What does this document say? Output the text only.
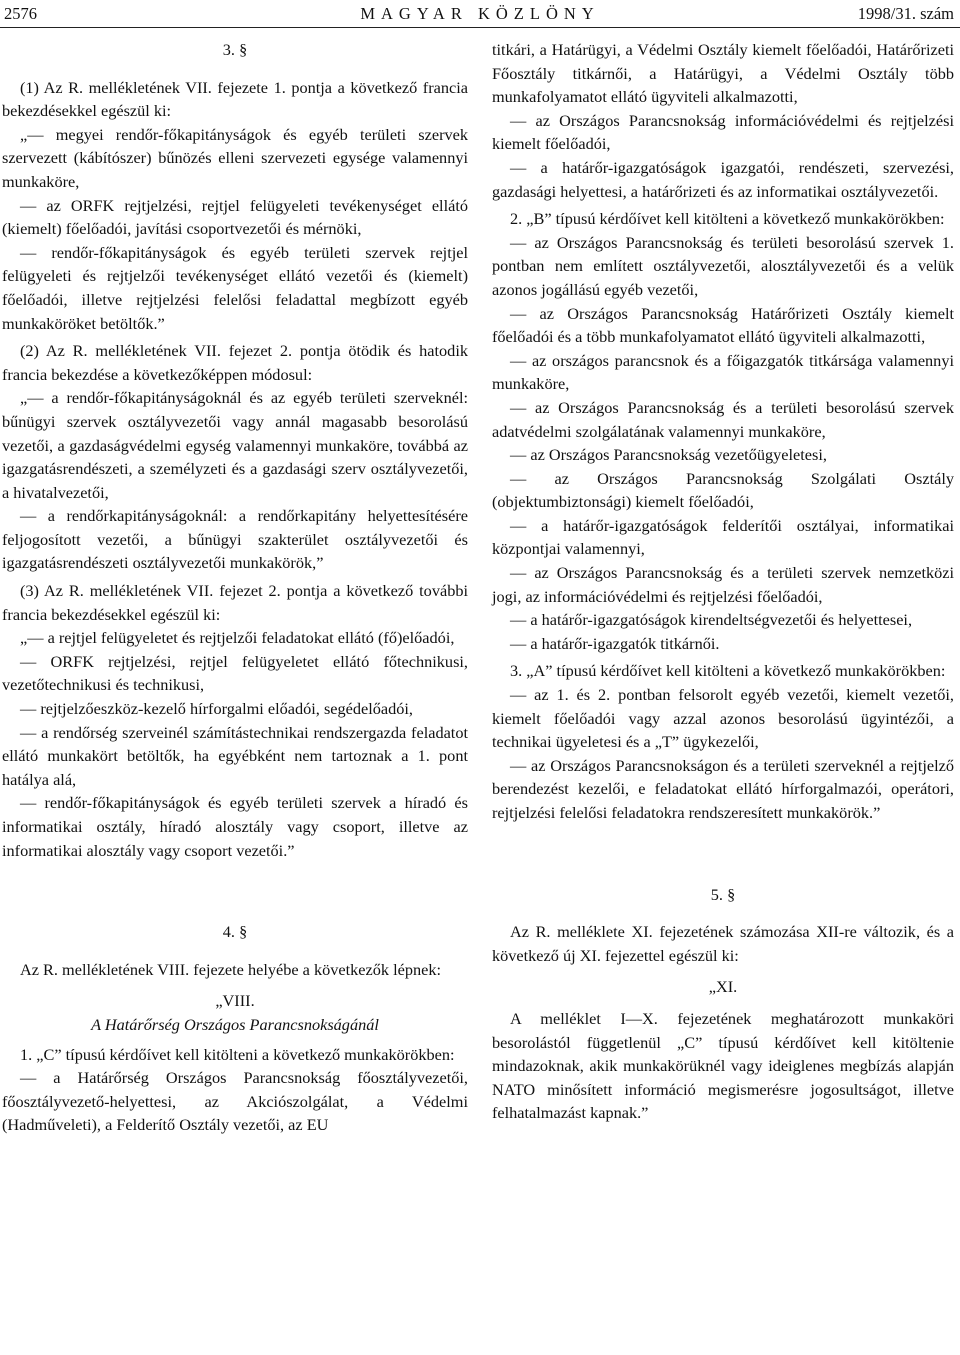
2576	MAGYAR KÖZLÖNY	1998/31. szám

3. §

(1) Az R. mellékletének VII. fejezete 1. pontja a következő francia bekezdésekkel egészül ki:

„— megyei rendőr-főkapitányságok és egyéb területi szervek szervezett (kábítószer) bűnözés elleni szervezeti egysége valamennyi munkaköre,

— az ORFK rejtjelzési, rejtjel felügyeleti tevékenységet ellátó (kiemelt) főelőadói, javítási csoportvezetői és mérnöki,

— rendőr-főkapitányságok és egyéb területi szervek rejtjel felügyeleti és rejtjelzői tevékenységet ellátó vezetői és (kiemelt) főelőadói, illetve rejtjelzési felelősi feladattal megbízott egyéb munkaköröket betöltők.”

(2) Az R. mellékletének VII. fejezet 2. pontja ötödik és hatodik francia bekezdése a következőképpen módosul:

„— a rendőr-főkapitányságoknál és az egyéb területi szerveknél: bűnügyi szervek osztályvezetői vagy annál magasabb besorolású vezetői, a gazdaságvédelmi egység valamennyi munkaköre, továbbá az igazgatásrendészeti, a személyzeti és a gazdasági szerv osztályvezetői, a hivatalvezetői,

— a rendőrkapitányságoknál: a rendőrkapitány helyettesítésére feljogosított vezetői, a bűnügyi szakterület osztályvezetői és igazgatásrendészeti osztályvezetői munkakörök,”

(3) Az R. mellékletének VII. fejezet 2. pontja a következő további francia bekezdésekkel egészül ki:

„— a rejtjel felügyeletet és rejtjelzői feladatokat ellátó (fő)előadói,

— ORFK rejtjelzési, rejtjel felügyeletet ellátó főtechnikusi, vezetőtechnikusi és technikusi,

— rejtjelzőeszköz-kezelő hírforgalmi előadói, segédelőadói,

— a rendőrség szerveinél számítástechnikai rendszergazda feladatot ellátó munkakört betöltők, ha egyébként nem tartoznak a 1. pont hatálya alá,

— rendőr-főkapitányságok és egyéb területi szervek a híradó és informatikai osztály, híradó alosztály vagy csoport, illetve az informatikai alosztály vagy csoport vezetői.”

4. §

Az R. mellékletének VIII. fejezete helyébe a következők lépnek:

„VIII.

A Határőrség Országos Parancsnokságánál

1. „C” típusú kérdőívet kell kitölteni a következő munkakörökben:

— a Határőrség Országos Parancsnokság főosztályvezetői, főosztályvezető-helyettesi, az Akciószolgálat, a Védelmi (Hadműveleti), a Felderítő Osztály vezetői, az EU

titkári, a Határügyi, a Védelmi Osztály kiemelt főelőadói, Határőrizeti Főosztály titkárnői, a Határügyi, a Védelmi Osztály több munkafolyamatot ellátó ügyviteli alkalmazotti,

— az Országos Parancsnokság információvédelmi és rejtjelzési kiemelt főelőadói,

— a határőr-igazgatóságok igazgatói, rendészeti, szervezési, gazdasági helyettesi, a határőrizeti és az informatikai osztályvezetői.

2. „B” típusú kérdőívet kell kitölteni a következő munkakörökben:

— az Országos Parancsnokság és területi besorolású szervek 1. pontban nem említett osztályvezetői, alosztályvezetői és a velük azonos jogállású egyéb vezetői,

— az Országos Parancsnokság Határőrizeti Osztály kiemelt főelőadói és a több munkafolyamatot ellátó ügyviteli alkalmazotti,

— az országos parancsnok és a főigazgatók titkársága valamennyi munkaköre,

— az Országos Parancsnokság és a területi besorolású szervek adatvédelmi szolgálatának valamennyi munkaköre,

— az Országos Parancsnokság vezetőügyeletesi,

— az Országos Parancsnokság Szolgálati Osztály (objektumbiztonsági) kiemelt főelőadói,

— a határőr-igazgatóságok felderítői osztályai, informatikai központjai valamennyi,

— az Országos Parancsnokság és a területi szervek nemzetközi jogi, az információvédelmi és rejtjelzési főelőadói,

— a határőr-igazgatóságok kirendeltségvezetői és helyettesei,

— a határőr-igazgatók titkárnői.

3. „A” típusú kérdőívet kell kitölteni a következő munkakörökben:

— az 1. és 2. pontban felsorolt egyéb vezetői, kiemelt vezetői, kiemelt főelőadói vagy azzal azonos besorolású ügyintézői, a technikai ügyeletesi és a „T” ügykezelői,

— az Országos Parancsnokságon és a területi szerveknél a rejtjelző berendezést kezelői, e feladatokat ellátó hírforgalmazói, operátori, rejtjelzési felelősi feladatokra rendszeresített munkakörök.”

5. §

Az R. melléklete XI. fejezetének számozása XII-re változik, és a következő új XI. fejezettel egészül ki:

„XI.

A melléklet I—X. fejezetének meghatározott munkaköri besorolástól függetlenül „C” típusú kérdőívet kell kitöltenie mindazoknak, akik munkakörüknél vagy ideiglenes megbízás alapján NATO minősített információ megismerésre jogosultságot, illetve felhatalmazást kapnak.”
